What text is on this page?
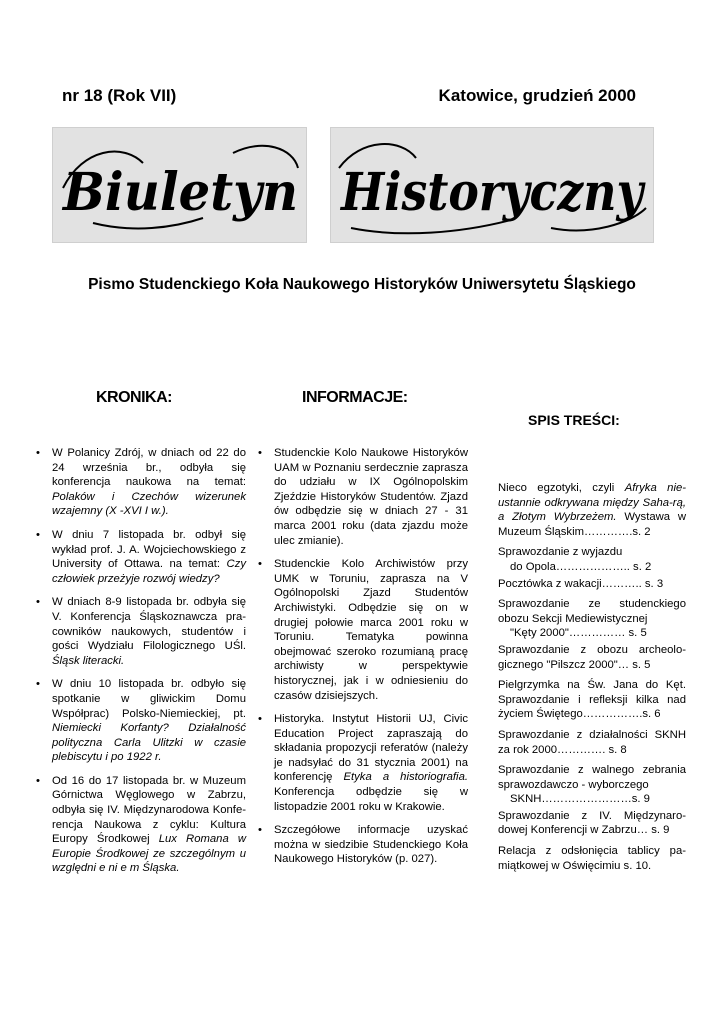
nr 18 (Rok VII)	Katowice, grudzień 2000
Biuletyn Historyczny
Pismo Studenckiego Koła Naukowego Historyków Uniwersytetu Śląskiego
KRONIKA:	INFORMACJE:
SPIS TREŚCI:
• W Polanicy Zdrój, w dniach od 22 do 24 września br., odbyła się konferencja naukowa na temat: Polaków i Czechów wizerunek wzajemny (X -XVI I w.).
• W dniu 7 listopada br. odbył się wykład prof. J. A. Wojciechowskiego z University of Ottawa. na temat: Czy człowiek przeżyje rozwój wiedzy?
• W dniach 8-9 listopada br. odbyła się V. Konferencja Śląskoznawcza pra-cowników naukowych, studentów i gości Wydziału Filologicznego UŚl. Śląsk literacki.
• W dniu 10 listopada br. odbyło się spotkanie w gliwickim Domu Współprac) Polsko-Niemieckiej, pt. Niemiecki Korfanty? Działalność polityczna Carla Ulitzki w czasie plebiscytu i po 1922 r.
• Od 16 do 17 listopada br. w Muzeum Górnictwa Węglowego w Zabrzu, odbyła się IV. Międzynarodowa Konfe-rencja Naukowa z cyklu: Kultura Europy Środkowej Lux Romana w Europie Środkowej ze szczególnym u względni e ni e m Śląska.
• Studenckie Kolo Naukowe Historyków UAM w Poznaniu serdecznie zaprasza do udziału w IX Ogólnopolskim Zjeździe Historyków Studentów. Zjazd ów odbędzie się w dniach 27 - 31 marca 2001 roku (data zjazdu może ulec zmianie).
• Studenckie Kolo Archiwistów przy UMK w Toruniu, zaprasza na V Ogólnopolski Zjazd Studentów Archiwistyki. Odbędzie się on w drugiej połowie marca 2001 roku w Toruniu. Tematyka powinna obejmować szeroko rozumianą pracę archiwisty w perspektywie historycznej, jak i w odniesieniu do czasów dzisiejszych.
• Historyka. Instytut Historii UJ, Civic Education Project zapraszają do składania propozycji referatów (należy je nadsyłać do 31 stycznia 2001) na konferencję Etyka a historiografia. Konferencja odbędzie się w listopadzie 2001 roku w Krakowie.
• Szczegółowe informacje uzyskać można w siedzibie Studenckiego Koła Naukowego Historyków (p. 027).
Nieco egzotyki, czyli Afryka nie-ustannie odkrywana między Saha-rą, a Złotym Wybrzeżem. Wystawa w Muzeum Śląskim………….s. 2
Sprawozdanie z wyjazdu
do Opola……………….. s. 2
Pocztówka z wakacji……….. s. 3
Sprawozdanie ze studenckiego obozu Sekcji Mediewistycznej
"Kęty 2000"…………… s. 5
Sprawozdanie z obozu archeolo-gicznego "Pilszcz 2000"… s. 5
Pielgrzymka na Św. Jana do Kęt. Sprawozdanie i refleksji kilka nad życiem Świętego…………….s. 6
Sprawozdanie z działalności SKNH za rok 2000…………. s. 8
Sprawozdanie z walnego zebrania sprawozdawczo - wyborczego
SKNH……………………s. 9
Sprawozdanie z IV. Międzynaro-dowej Konferencji w Zabrzu… s. 9
Relacja z odsłonięcia tablicy pa-miątkowej w Oświęcimiu s. 10.
